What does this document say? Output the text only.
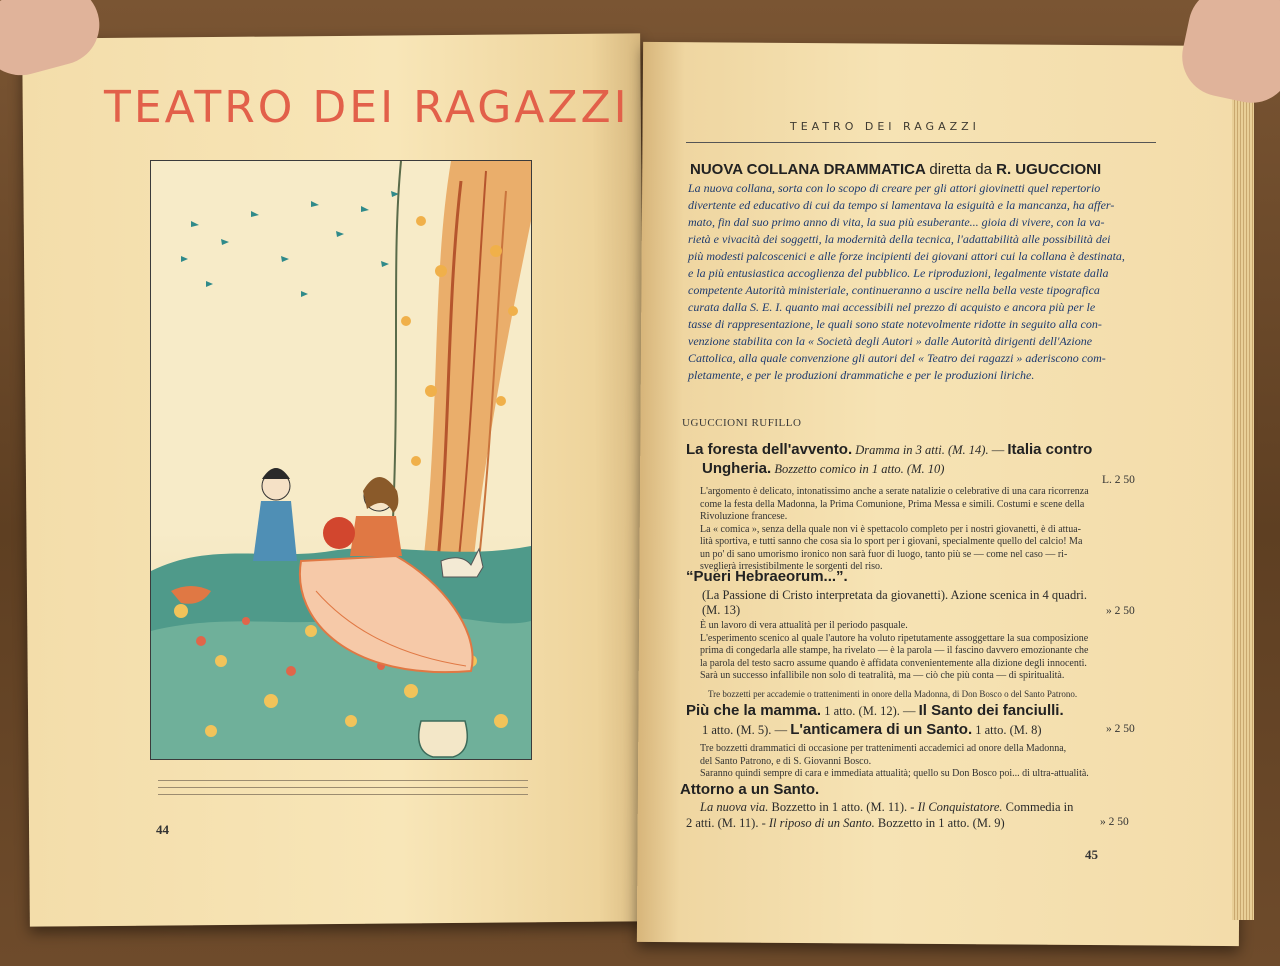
TEATRO DEI RAGAZZI
44
TEATRO DEI RAGAZZI
NUOVA COLLANA DRAMMATICA diretta da R. UGUCCIONI
La nuova collana, sorta con lo scopo di creare per gli attori giovinetti quel repertorio
divertente ed educativo di cui da tempo si lamentava la esiguità e la mancanza, ha affer-
mato, fin dal suo primo anno di vita, la sua più esuberante... gioia di vivere, con la va-
rietà e vivacità dei soggetti, la modernità della tecnica, l'adattabilità alle possibilità dei
più modesti palcoscenici e alle forze incipienti dei giovani attori cui la collana è destinata,
e la più entusiastica accoglienza del pubblico. Le riproduzioni, legalmente vistate dalla
competente Autorità ministeriale, continueranno a uscire nella bella veste tipografica
curata dalla S. E. I. quanto mai accessibili nel prezzo di acquisto e ancora più per le
tasse di rappresentazione, le quali sono state notevolmente ridotte in seguito alla con-
venzione stabilita con la « Società degli Autori » dalle Autorità dirigenti dell'Azione
Cattolica, alla quale convenzione gli autori del « Teatro dei ragazzi » aderiscono com-
pletamente, e per le produzioni drammatiche e per le produzioni liriche.
UGUCCIONI RUFILLO
La foresta dell'avvento. Dramma in 3 atti. (M. 14). — Italia contro
Ungheria. Bozzetto comico in 1 atto. (M. 10)
L. 2 50
L'argomento è delicato, intonatissimo anche a serate natalizie o celebrative di una cara ricorrenza
come la festa della Madonna, la Prima Comunione, Prima Messa e simili. Costumi e scene della
Rivoluzione francese.
La « comica », senza della quale non vi è spettacolo completo per i nostri giovanetti, è di attua-
lità sportiva, e tutti sanno che cosa sia lo sport per i giovani, specialmente quello del calcio! Ma
un po' di sano umorismo ironico non sarà fuor di luogo, tanto più se — come nel caso — ri-
sveglierà irresistibilmente le sorgenti del riso.
“Pueri Hebraeorum...”.
(La Passione di Cristo interpretata da giovanetti). Azione scenica in 4 quadri.
(M. 13)	» 2 50
È un lavoro di vera attualità per il periodo pasquale.
L'esperimento scenico al quale l'autore ha voluto ripetutamente assoggettare la sua composizione
prima di congedarla alle stampe, ha rivelato — è la parola — il fascino davvero emozionante che
la parola del testo sacro assume quando è affidata convenientemente alla dizione degli innocenti.
Sarà un successo infallibile non solo di teatralità, ma — ciò che più conta — di spiritualità.
Tre bozzetti per accademie o trattenimenti in onore della Madonna, di Don Bosco o del Santo Patrono.
Più che la mamma. 1 atto. (M. 12). — Il Santo dei fanciulli.
1 atto. (M. 5). — L'anticamera di un Santo. 1 atto. (M. 8)	» 2 50
Tre bozzetti drammatici di occasione per trattenimenti accademici ad onore della Madonna,
del Santo Patrono, e di S. Giovanni Bosco.
Saranno quindi sempre di cara e immediata attualità; quello su Don Bosco poi... di ultra-attualità.
Attorno a un Santo.
La nuova via. Bozzetto in 1 atto. (M. 11). - Il Conquistatore. Commedia in
2 atti. (M. 11). - Il riposo di un Santo. Bozzetto in 1 atto. (M. 9)	» 2 50
45
